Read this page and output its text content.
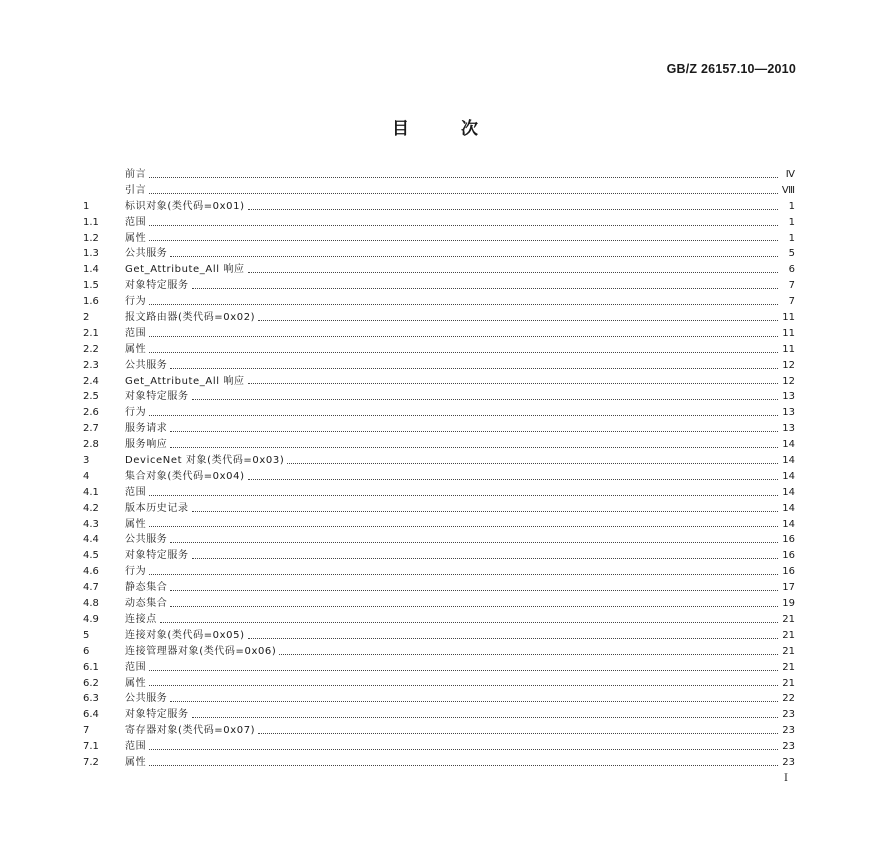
GB/Z 26157.10—2010
目次
前言	Ⅳ
引言	Ⅷ
1	标识对象(类代码=0x01)	1
1.1	范围	1
1.2	属性	1
1.3	公共服务	5
1.4	Get_Attribute_All 响应	6
1.5	对象特定服务	7
1.6	行为	7
2	报文路由器(类代码=0x02)	11
2.1	范围	11
2.2	属性	11
2.3	公共服务	12
2.4	Get_Attribute_All 响应	12
2.5	对象特定服务	13
2.6	行为	13
2.7	服务请求	13
2.8	服务响应	14
3	DeviceNet 对象(类代码=0x03)	14
4	集合对象(类代码=0x04)	14
4.1	范围	14
4.2	版本历史记录	14
4.3	属性	14
4.4	公共服务	16
4.5	对象特定服务	16
4.6	行为	16
4.7	静态集合	17
4.8	动态集合	19
4.9	连接点	21
5	连接对象(类代码=0x05)	21
6	连接管理器对象(类代码=0x06)	21
6.1	范围	21
6.2	属性	21
6.3	公共服务	22
6.4	对象特定服务	23
7	寄存器对象(类代码=0x07)	23
7.1	范围	23
7.2	属性	23
I
